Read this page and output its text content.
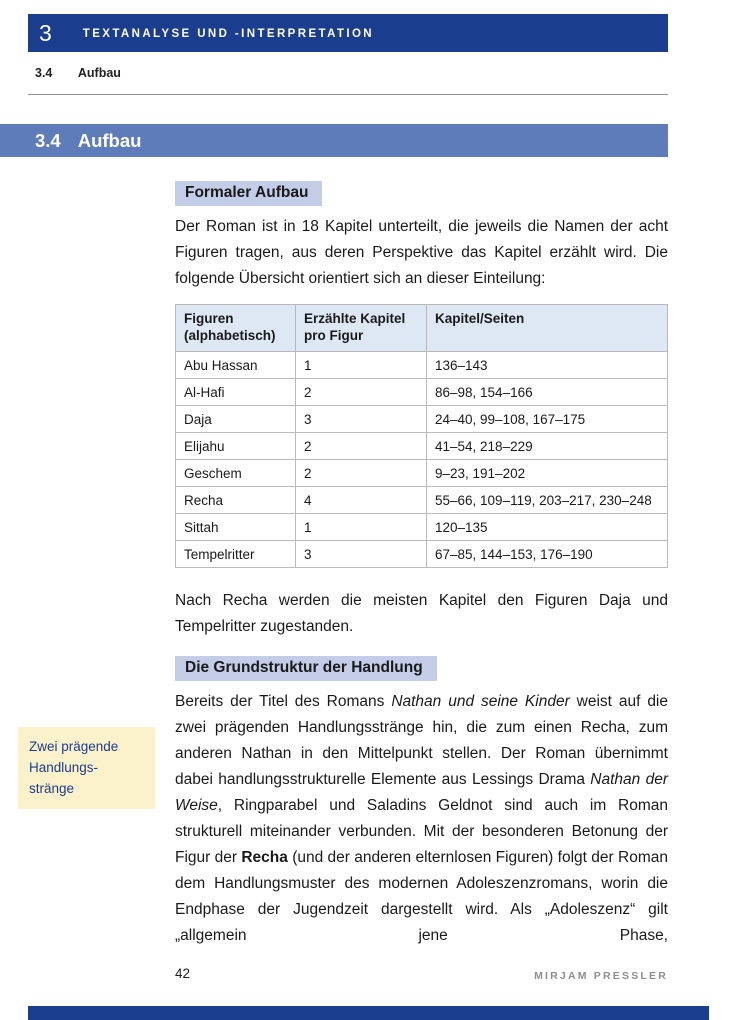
3	TEXTANALYSE UND -INTERPRETATION
3.4 Aufbau
3.4 Aufbau
Zwei prägende
Handlungs-
stränge
Formaler Aufbau

Der Roman ist in 18 Kapitel unterteilt, die jeweils die Namen der acht Figuren tragen, aus deren Perspektive das Kapitel erzählt wird. Die folgende Übersicht orientiert sich an dieser Einteilung:

Figuren (alphabetisch)	Erzählte Kapitel pro Figur	Kapitel/Seiten
Abu Hassan	1	136–143
Al-Hafi	2	86–98, 154–166
Daja	3	24–40, 99–108, 167–175
Elijahu	2	41–54, 218–229
Geschem	2	9–23, 191–202
Recha	4	55–66, 109–119, 203–217, 230–248
Sittah	1	120–135
Tempelritter	3	67–85, 144–153, 176–190

Nach Recha werden die meisten Kapitel den Figuren Daja und Tempelritter zugestanden.

Die Grundstruktur der Handlung

Bereits der Titel des Romans Nathan und seine Kinder weist auf die zwei prägenden Handlungsstränge hin, die zum einen Recha, zum anderen Nathan in den Mittelpunkt stellen. Der Roman übernimmt dabei handlungsstrukturelle Elemente aus Lessings Drama Nathan der Weise, Ringparabel und Saladins Geldnot sind auch im Roman strukturell miteinander verbunden. Mit der besonderen Betonung der Figur der Recha (und der anderen elternlosen Figuren) folgt der Roman dem Handlungsmuster des modernen Adoleszenzromans, worin die Endphase der Jugendzeit dargestellt wird. Als „Adoleszenz“ gilt „allgemein jene Phase,

42	MIRJAM PRESSLER
